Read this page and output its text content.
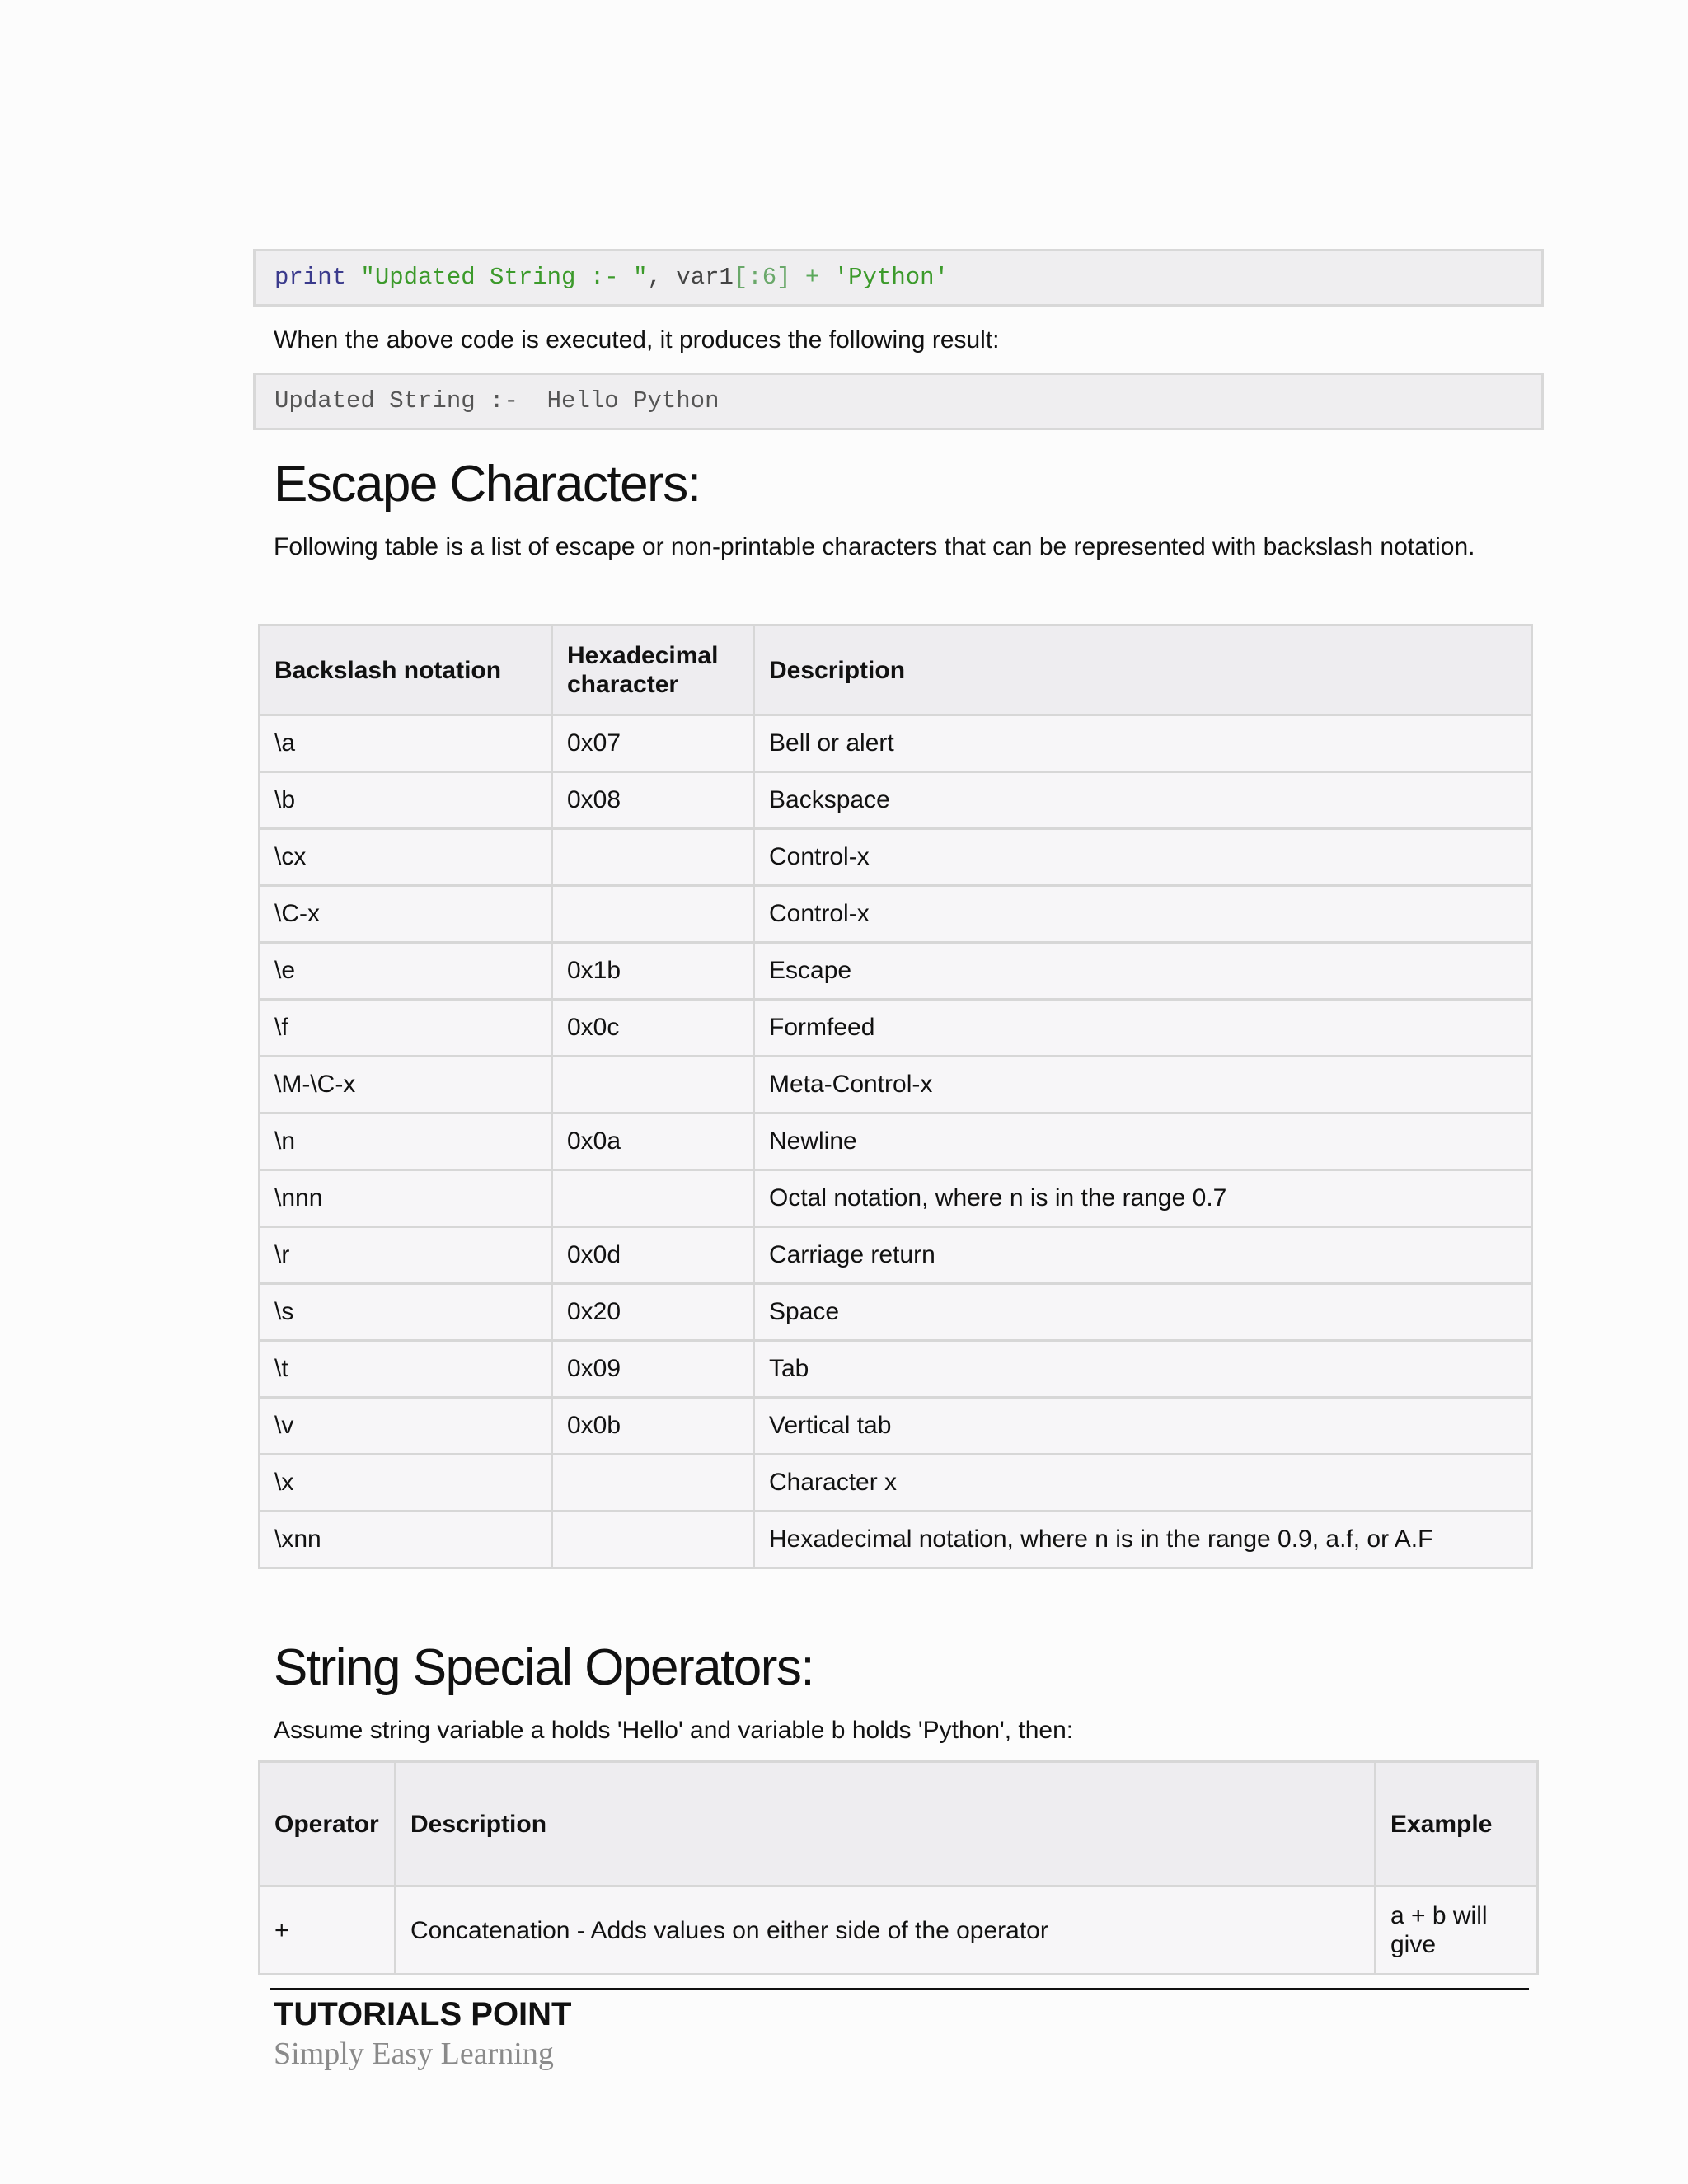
print "Updated String :- ", var1[:6] + 'Python'
When the above code is executed, it produces the following result:
Updated String :-  Hello Python
Escape Characters:
Following table is a list of escape or non-printable characters that can be represented with backslash notation.
Backslash notation	Hexadecimal character	Description
\a	0x07	Bell or alert
\b	0x08	Backspace
\cx		Control-x
\C-x		Control-x
\e	0x1b	Escape
\f	0x0c	Formfeed
\M-\C-x		Meta-Control-x
\n	0x0a	Newline
\nnn		Octal notation, where n is in the range 0.7
\r	0x0d	Carriage return
\s	0x20	Space
\t	0x09	Tab
\v	0x0b	Vertical tab
\x		Character x
\xnn		Hexadecimal notation, where n is in the range 0.9, a.f, or A.F
String Special Operators:
Assume string variable a holds 'Hello' and variable b holds 'Python', then:
Operator	Description	Example
+	Concatenation - Adds values on either side of the operator	a + b will give
TUTORIALS POINT
Simply Easy Learning
